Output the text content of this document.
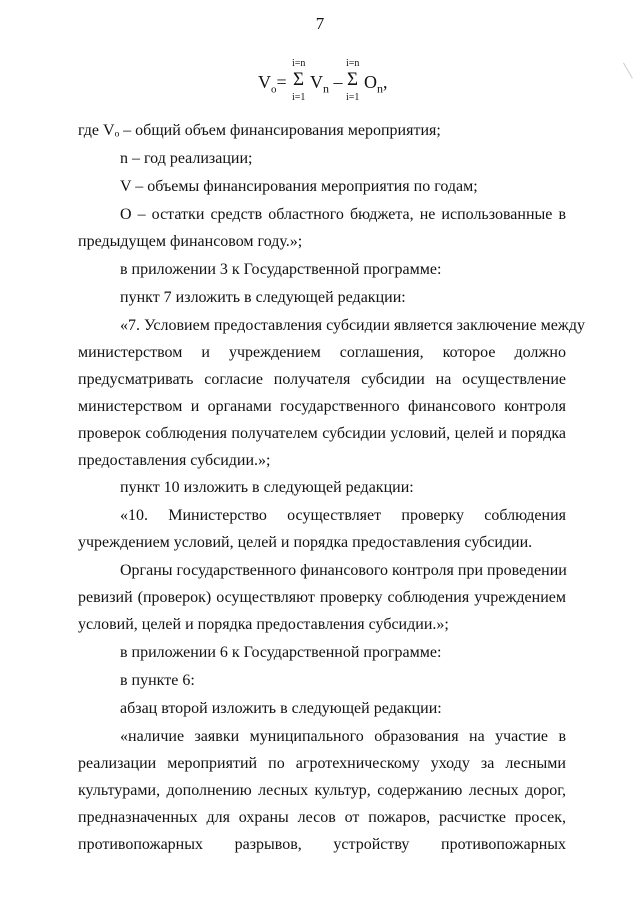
7
$V_o=$
i=n
Σ
i=1
$V_n$ –
i=n
Σ
i=1
$O_n$,
где Vₒ – общий объем финансирования мероприятия;
n – год реализации;
V – объемы финансирования мероприятия по годам;
O – остатки средств областного бюджета, не использованные в
предыдущем финансовом году.»;
в приложении 3 к Государственной программе:
пункт 7 изложить в следующей редакции:
«7. Условием предоставления субсидии является заключение между
министерством и учреждением соглашения, которое должно
предусматривать согласие получателя субсидии на осуществление
министерством и органами государственного финансового контроля
проверок соблюдения получателем субсидии условий, целей и порядка
предоставления субсидии.»;
пункт 10 изложить в следующей редакции:
«10. Министерство осуществляет проверку соблюдения
учреждением условий, целей и порядка предоставления субсидии.
Органы государственного финансового контроля при проведении
ревизий (проверок) осуществляют проверку соблюдения учреждением
условий, целей и порядка предоставления субсидии.»;
в приложении 6 к Государственной программе:
в пункте 6:
абзац второй изложить в следующей редакции:
«наличие заявки муниципального образования на участие в
реализации мероприятий по агротехническому уходу за лесными
культурами, дополнению лесных культур, содержанию лесных дорог,
предназначенных для охраны лесов от пожаров, расчистке просек,
противопожарных разрывов, устройству противопожарных
